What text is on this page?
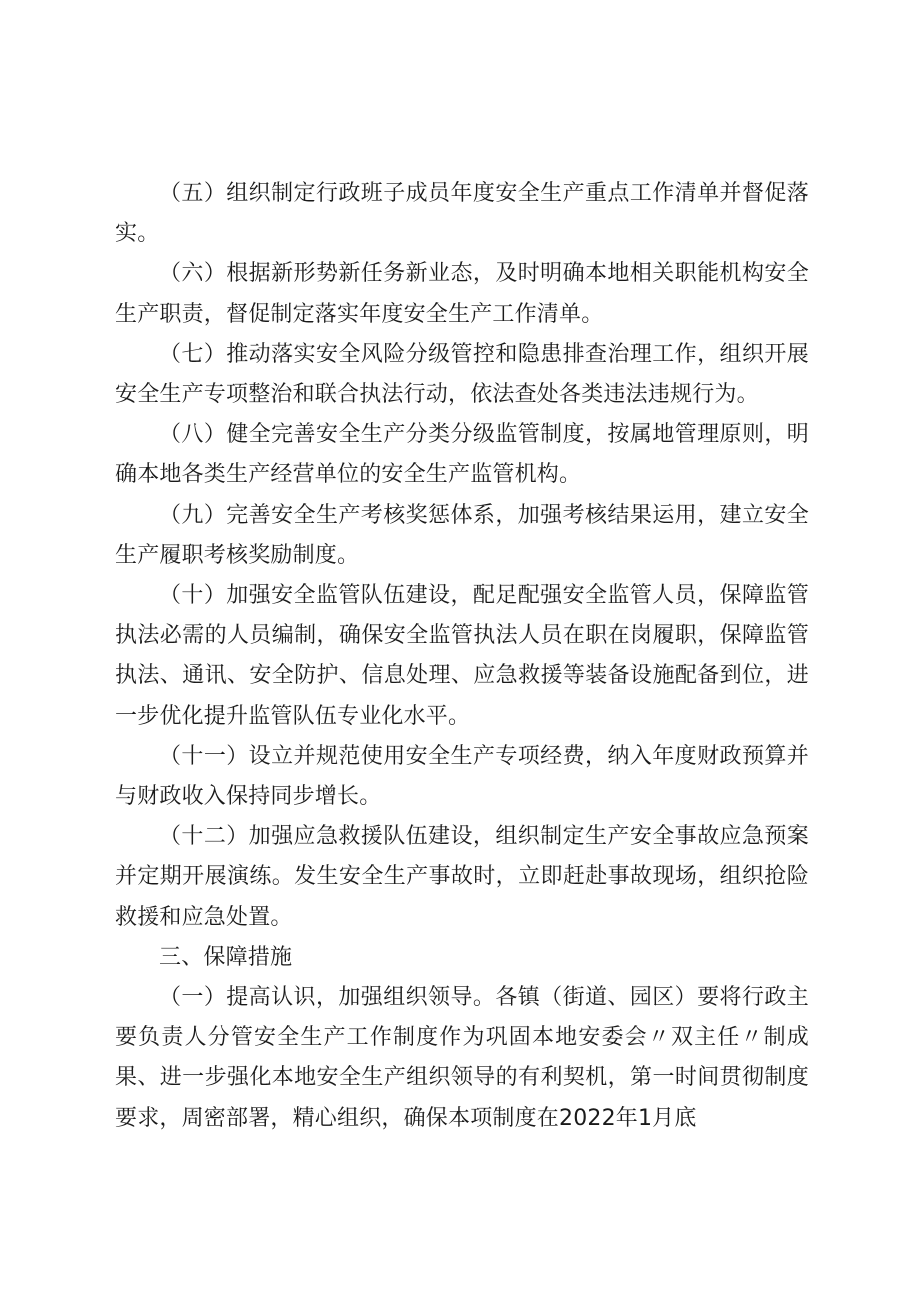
（五）组织制定行政班子成员年度安全生产重点工作清单并督促落实。

（六）根据新形势新任务新业态，及时明确本地相关职能机构安全生产职责，督促制定落实年度安全生产工作清单。

（七）推动落实安全风险分级管控和隐患排查治理工作，组织开展安全生产专项整治和联合执法行动，依法查处各类违法违规行为。

（八）健全完善安全生产分类分级监管制度，按属地管理原则，明确本地各类生产经营单位的安全生产监管机构。

（九）完善安全生产考核奖惩体系，加强考核结果运用，建立安全生产履职考核奖励制度。

（十）加强安全监管队伍建设，配足配强安全监管人员，保障监管执法必需的人员编制，确保安全监管执法人员在职在岗履职，保障监管执法、通讯、安全防护、信息处理、应急救援等装备设施配备到位，进一步优化提升监管队伍专业化水平。

（十一）设立并规范使用安全生产专项经费，纳入年度财政预算并与财政收入保持同步增长。

（十二）加强应急救援队伍建设，组织制定生产安全事故应急预案并定期开展演练。发生安全生产事故时，立即赶赴事故现场，组织抢险救援和应急处置。

三、保障措施

（一）提高认识，加强组织领导。各镇（街道、园区）要将行政主要负责人分管安全生产工作制度作为巩固本地安委会〃双主任〃制成果、进一步强化本地安全生产组织领导的有利契机，第一时间贯彻制度要求，周密部署，精心组织，确保本项制度在2022年1月底
